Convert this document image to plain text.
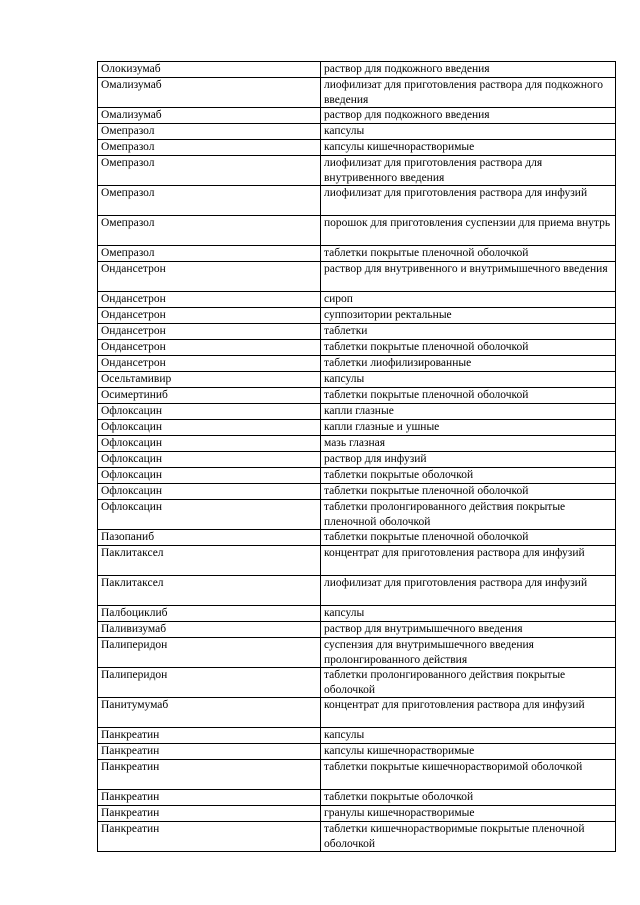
Олокизумаб	раствор для подкожного введения
Омализумаб	лиофилизат для приготовления раствора для подкожного введения
Омализумаб	раствор для подкожного введения
Омепразол	капсулы
Омепразол	капсулы кишечнорастворимые
Омепразол	лиофилизат для приготовления раствора для внутривенного введения
Омепразол	лиофилизат для приготовления раствора для инфузий
Омепразол	порошок для приготовления суспензии для приема внутрь
Омепразол	таблетки покрытые пленочной оболочкой
Ондансетрон	раствор для внутривенного и внутримышечного введения
Ондансетрон	сироп
Ондансетрон	суппозитории ректальные
Ондансетрон	таблетки
Ондансетрон	таблетки покрытые пленочной оболочкой
Ондансетрон	таблетки лиофилизированные
Осельтамивир	капсулы
Осимертиниб	таблетки покрытые пленочной оболочкой
Офлоксацин	капли глазные
Офлоксацин	капли глазные и ушные
Офлоксацин	мазь глазная
Офлоксацин	раствор для инфузий
Офлоксацин	таблетки покрытые оболочкой
Офлоксацин	таблетки покрытые пленочной оболочкой
Офлоксацин	таблетки пролонгированного действия покрытые пленочной оболочкой
Пазопаниб	таблетки покрытые пленочной оболочкой
Паклитаксел	концентрат для приготовления раствора для инфузий
Паклитаксел	лиофилизат для приготовления раствора для инфузий
Палбоциклиб	капсулы
Паливизумаб	раствор для внутримышечного введения
Палиперидон	суспензия для внутримышечного введения пролонгированного действия
Палиперидон	таблетки пролонгированного действия покрытые оболочкой
Панитумумаб	концентрат для приготовления раствора для инфузий
Панкреатин	капсулы
Панкреатин	капсулы кишечнорастворимые
Панкреатин	таблетки покрытые кишечнорастворимой оболочкой
Панкреатин	таблетки покрытые оболочкой
Панкреатин	гранулы кишечнорастворимые
Панкреатин	таблетки кишечнорастворимые покрытые пленочной оболочкой
